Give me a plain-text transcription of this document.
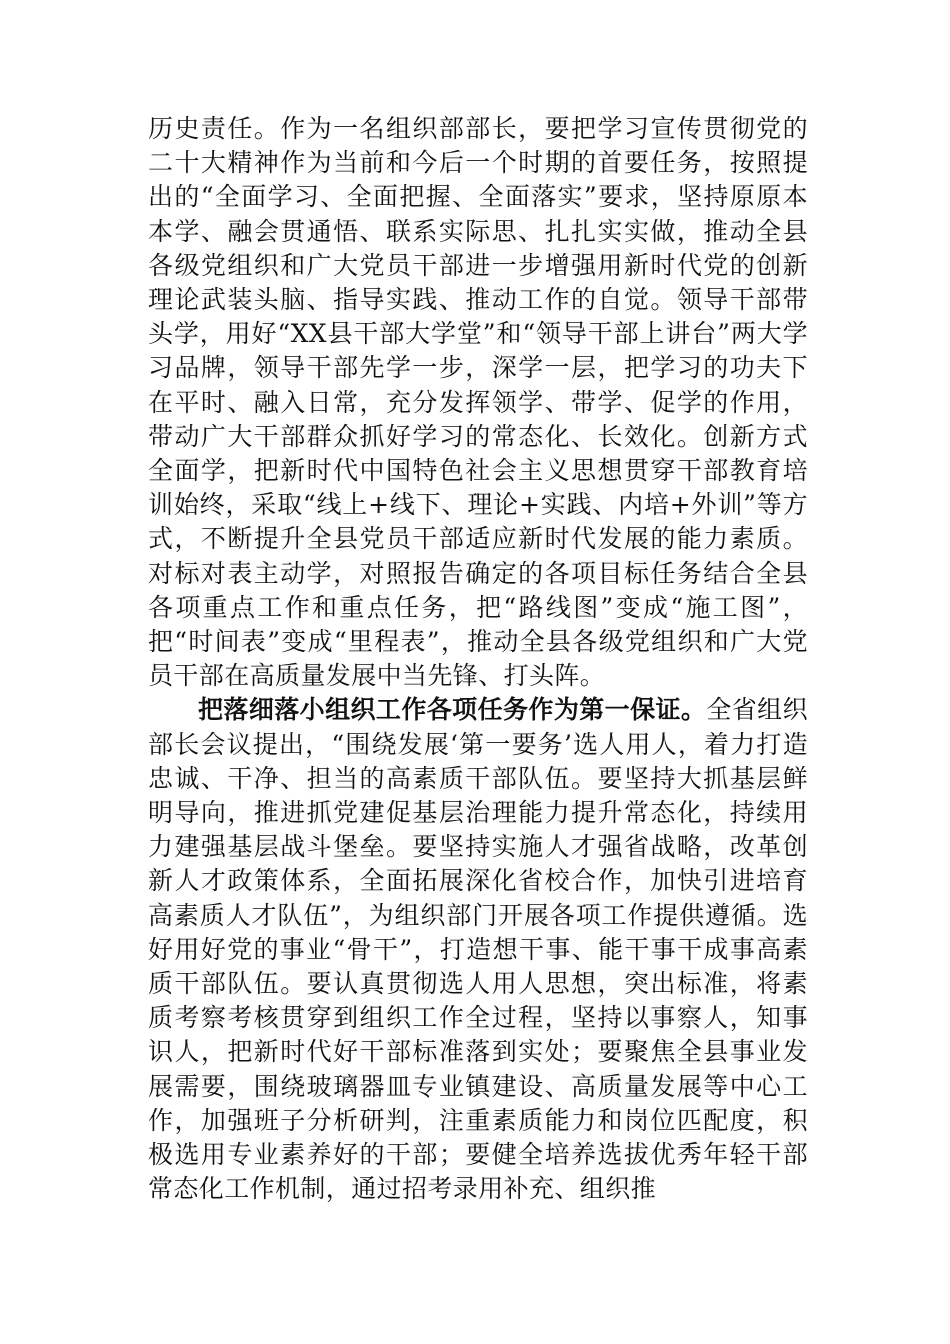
历史责任。作为一名组织部部长，要把学习宣传贯彻党的二十大精神作为当前和今后一个时期的首要任务，按照提出的“全面学习、全面把握、全面落实”要求，坚持原原本本学、融会贯通悟、联系实际思、扎扎实实做，推动全县各级党组织和广大党员干部进一步增强用新时代党的创新理论武装头脑、指导实践、推动工作的自觉。领导干部带头学，用好“XX县干部大学堂”和“领导干部上讲台”两大学习品牌，领导干部先学一步，深学一层，把学习的功夫下在平时、融入日常，充分发挥领学、带学、促学的作用，带动广大干部群众抓好学习的常态化、长效化。创新方式全面学，把新时代中国特色社会主义思想贯穿干部教育培训始终，采取“线上+线下、理论+实践、内培+外训”等方式，不断提升全县党员干部适应新时代发展的能力素质。对标对表主动学，对照报告确定的各项目标任务结合全县各项重点工作和重点任务，把“路线图”变成“施工图”，把“时间表”变成“里程表”，推动全县各级党组织和广大党员干部在高质量发展中当先锋、打头阵。

把落细落小组织工作各项任务作为第一保证。全省组织部长会议提出，“围绕发展‘第一要务’选人用人，着力打造忠诚、干净、担当的高素质干部队伍。要坚持大抓基层鲜明导向，推进抓党建促基层治理能力提升常态化，持续用力建强基层战斗堡垒。要坚持实施人才强省战略，改革创新人才政策体系，全面拓展深化省校合作，加快引进培育高素质人才队伍”，为组织部门开展各项工作提供遵循。选好用好党的事业“骨干”，打造想干事、能干事干成事高素质干部队伍。要认真贯彻选人用人思想，突出标准，将素质考察考核贯穿到组织工作全过程，坚持以事察人，知事识人，把新时代好干部标准落到实处；要聚焦全县事业发展需要，围绕玻璃器皿专业镇建设、高质量发展等中心工作，加强班子分析研判，注重素质能力和岗位匹配度，积极选用专业素养好的干部；要健全培养选拔优秀年轻干部常态化工作机制，通过招考录用补充、组织推
